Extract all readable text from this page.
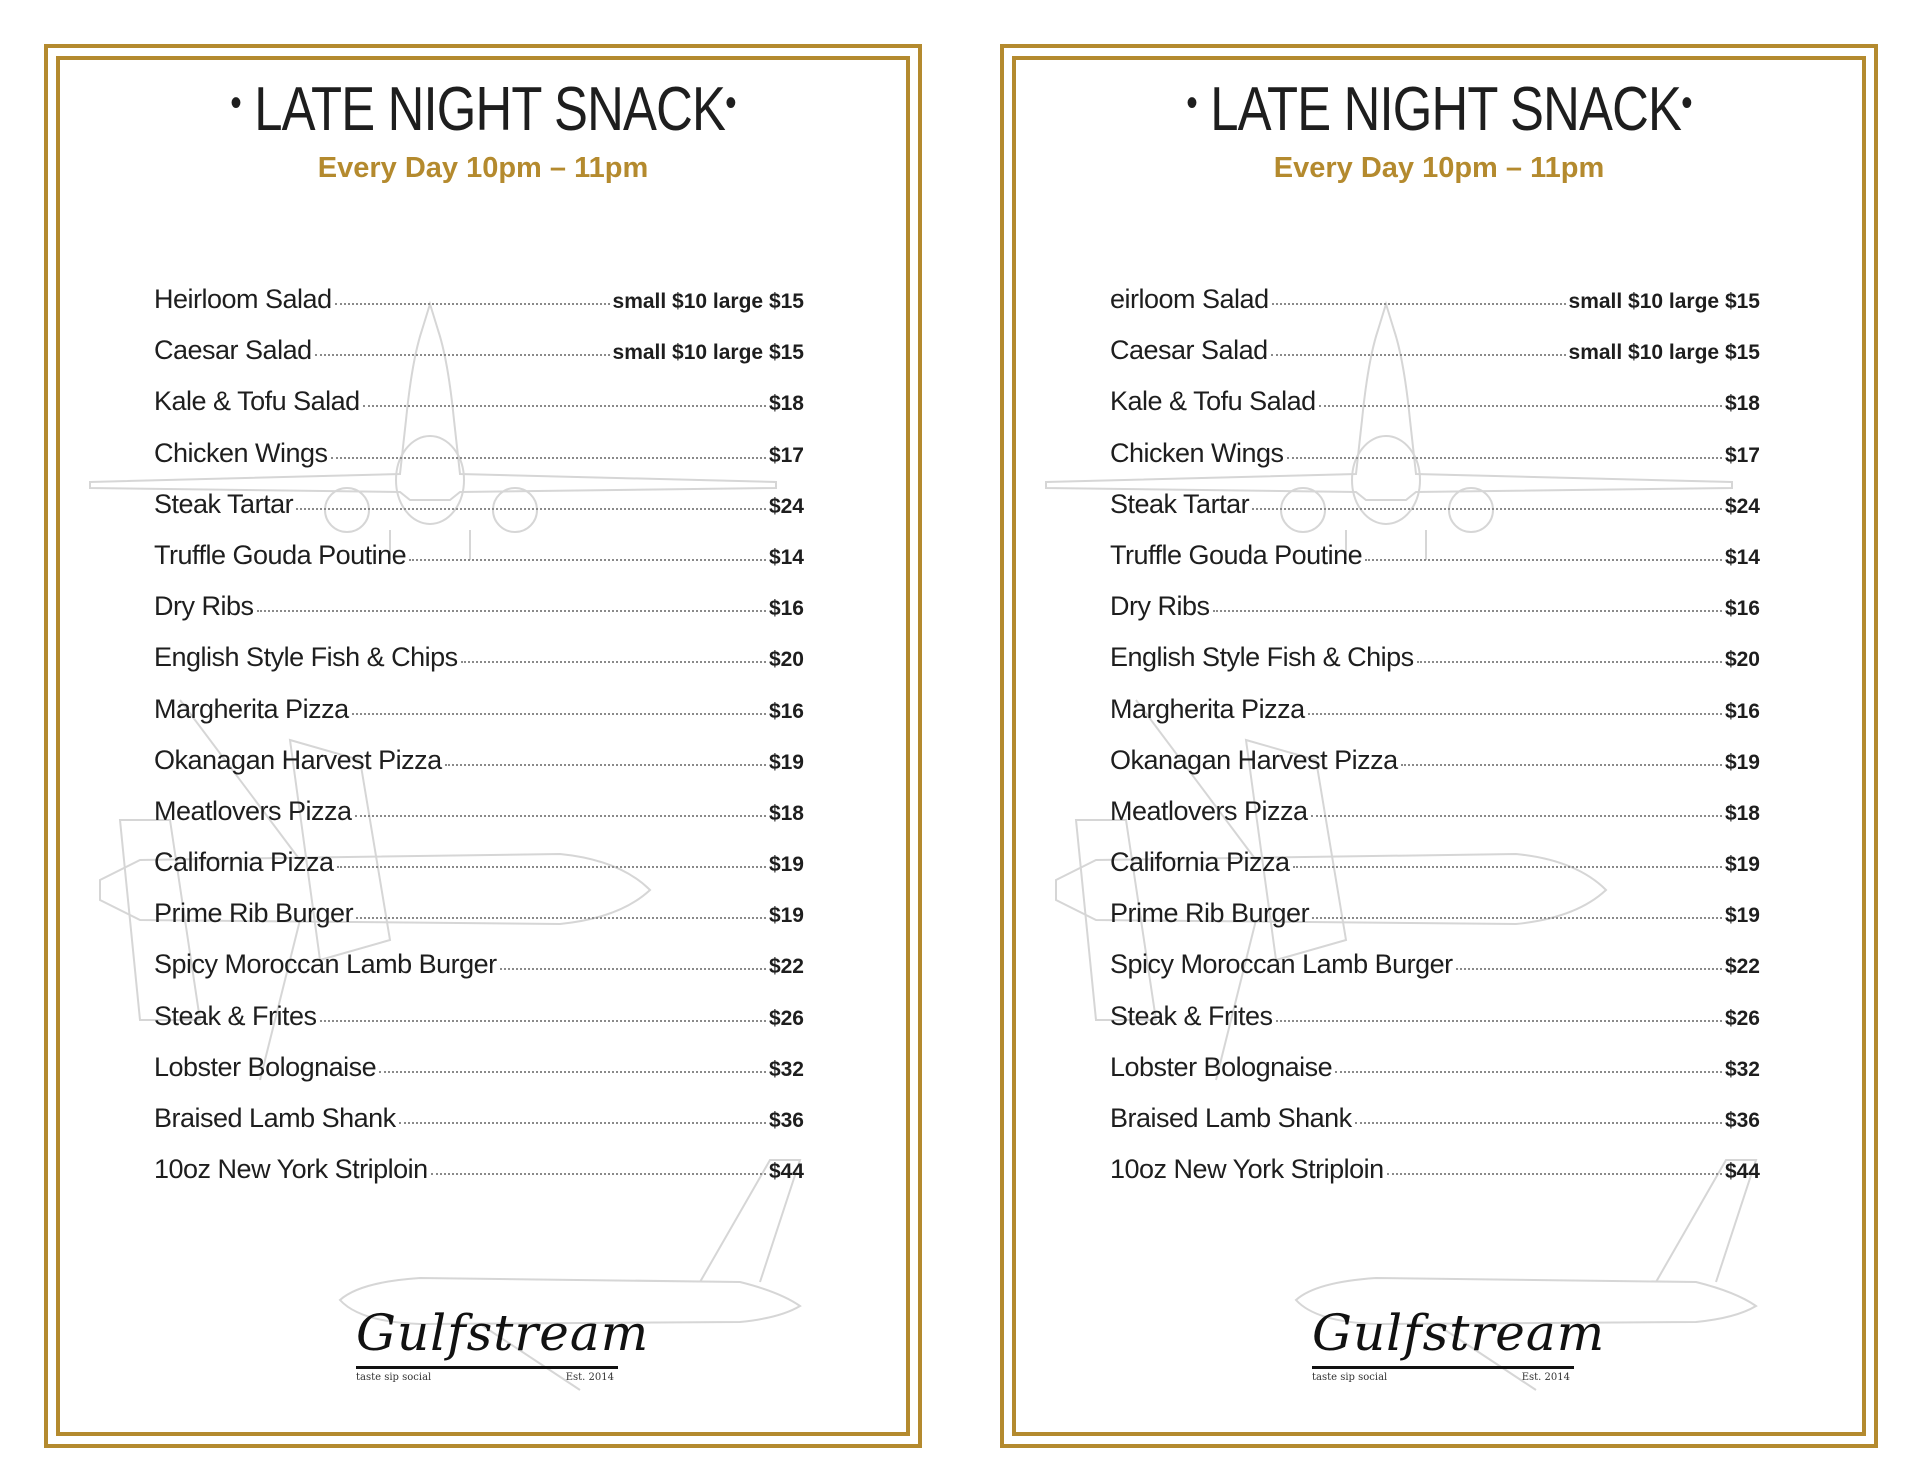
• LATE NIGHT SNACK•
Every Day 10pm – 11pm
Heirloom Salad	small $10 large $15
Caesar Salad	small $10 large $15
Kale & Tofu Salad	$18
Chicken Wings	$17
Steak Tartar	$24
Truffle Gouda Poutine	$14
Dry Ribs	$16
English Style Fish & Chips	$20
Margherita Pizza	$16
Okanagan Harvest Pizza	$19
Meatlovers Pizza	$18
California Pizza	$19
Prime Rib Burger	$19
Spicy Moroccan Lamb Burger	$22
Steak & Frites	$26
Lobster Bolognaise	$32
Braised Lamb Shank	$36
10oz New York Striploin	$44
Gulfstream
taste sip social	Est. 2014
• LATE NIGHT SNACK•
Every Day 10pm – 11pm
eirloom Salad	small $10 large $15
Caesar Salad	small $10 large $15
Kale & Tofu Salad	$18
Chicken Wings	$17
Steak Tartar	$24
Truffle Gouda Poutine	$14
Dry Ribs	$16
English Style Fish & Chips	$20
Margherita Pizza	$16
Okanagan Harvest Pizza	$19
Meatlovers Pizza	$18
California Pizza	$19
Prime Rib Burger	$19
Spicy Moroccan Lamb Burger	$22
Steak & Frites	$26
Lobster Bolognaise	$32
Braised Lamb Shank	$36
10oz New York Striploin	$44
Gulfstream
taste sip social	Est. 2014
